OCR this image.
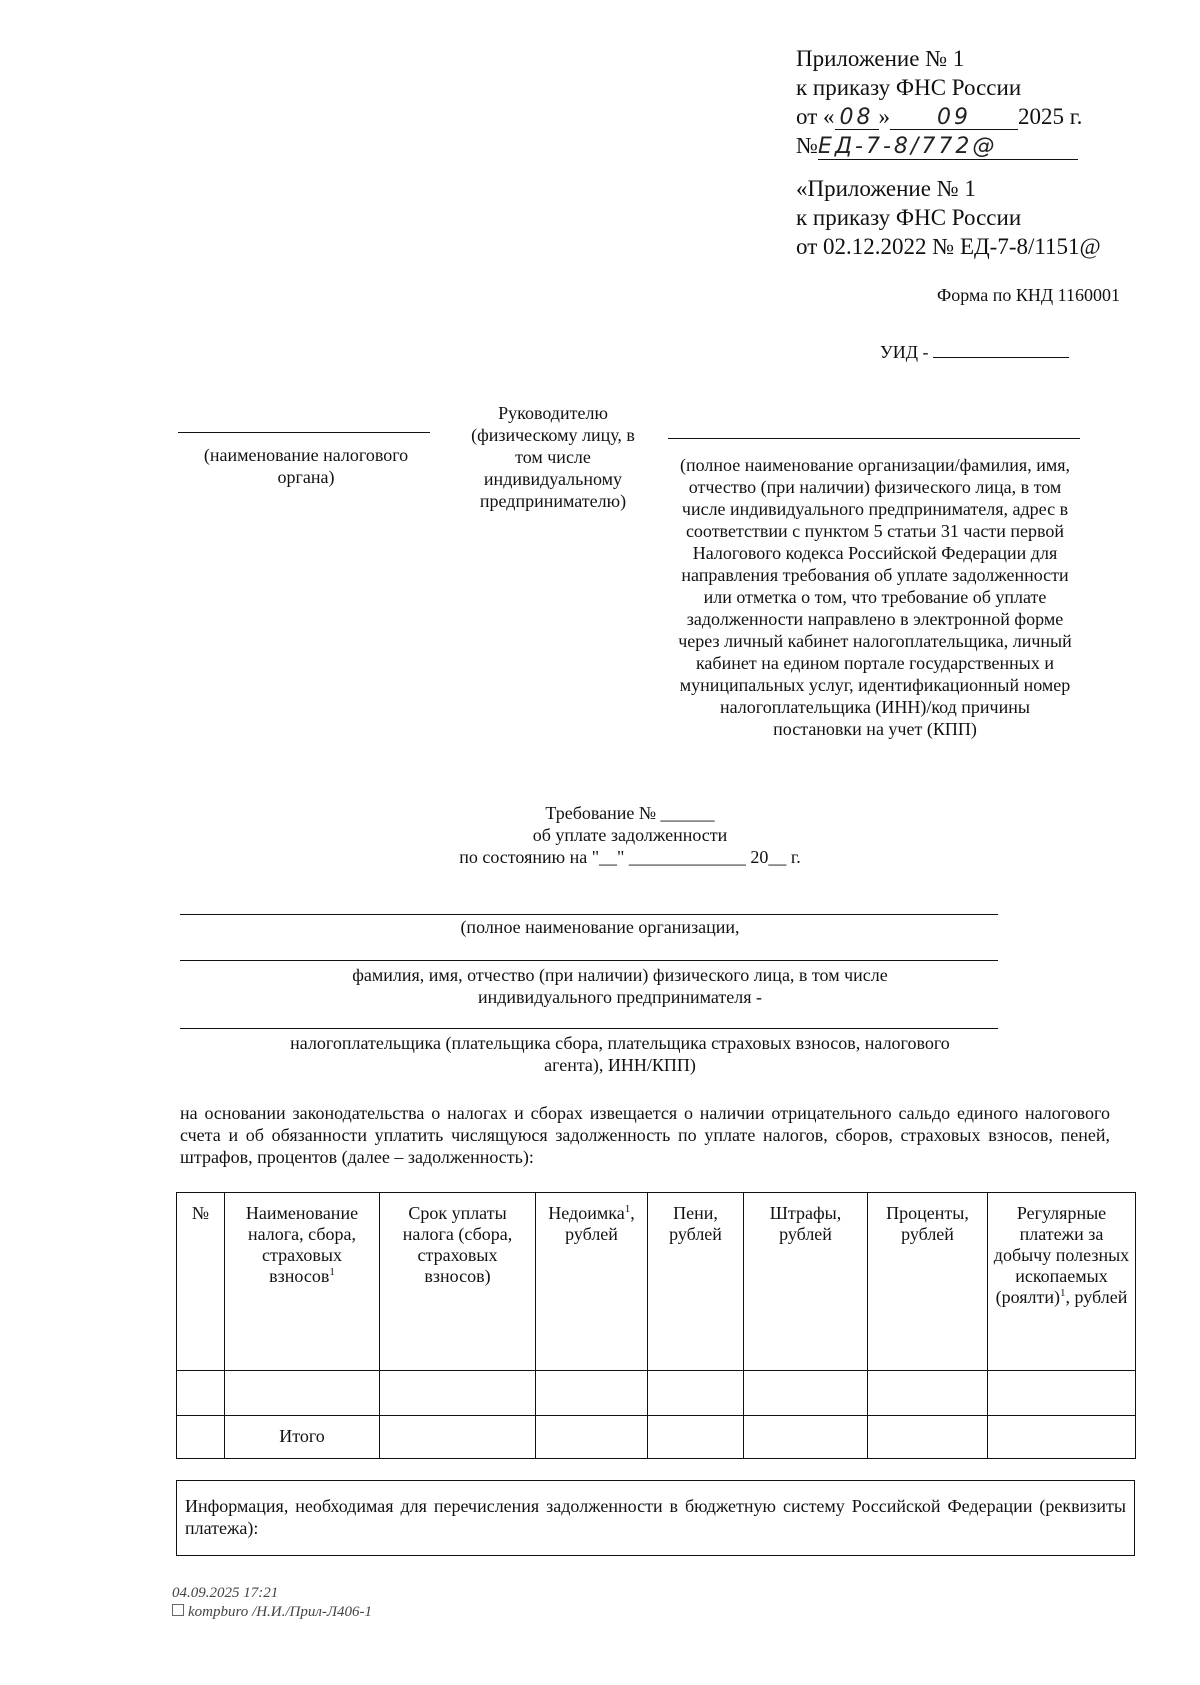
Приложение № 1
к приказу ФНС России
от « 08 » 09 2025 г.
№ЕД-7-8/772@
«Приложение № 1
к приказу ФНС России
от 02.12.2022 № ЕД-7-8/1151@
Форма по КНД 1160001
УИД -
(наименование налогового органа)
Руководителю (физическому лицу, в том числе индивидуальному предпринимателю)
(полное наименование организации/фамилия, имя, отчество (при наличии) физического лица, в том числе индивидуального предпринимателя, адрес в соответствии с пунктом 5 статьи 31 части первой Налогового кодекса Российской Федерации для направления требования об уплате задолженности или отметка о том, что требование об уплате задолженности направлено в электронной форме через личный кабинет налогоплательщика, личный кабинет на едином портале государственных и муниципальных услуг, идентификационный номер налогоплательщика (ИНН)/код причины постановки на учет (КПП)
Требование № ______
об уплате задолженности
по состоянию на "__" _____________ 20__ г.
(полное наименование организации,
фамилия, имя, отчество (при наличии) физического лица, в том числе индивидуального предпринимателя -
налогоплательщика (плательщика сбора, плательщика страховых взносов, налогового агента), ИНН/КПП)
на основании законодательства о налогах и сборах извещается о наличии отрицательного сальдо единого налогового счета и об обязанности уплатить числящуюся задолженность по уплате налогов, сборов, страховых взносов, пеней, штрафов, процентов (далее – задолженность):
№	Наименование налога, сбора, страховых взносов$^1$	Срок уплаты налога (сбора, страховых взносов)	Недоимка$^1$, рублей	Пени, рублей	Штрафы, рублей	Проценты, рублей	Регулярные платежи за добычу полезных ископаемых (роялти)$^1$, рублей

	Итого						
Информация, необходимая для перечисления задолженности в бюджетную систему Российской Федерации (реквизиты платежа):
04.09.2025 17:21
kompburo /Н.И./Прил-Л406-1
